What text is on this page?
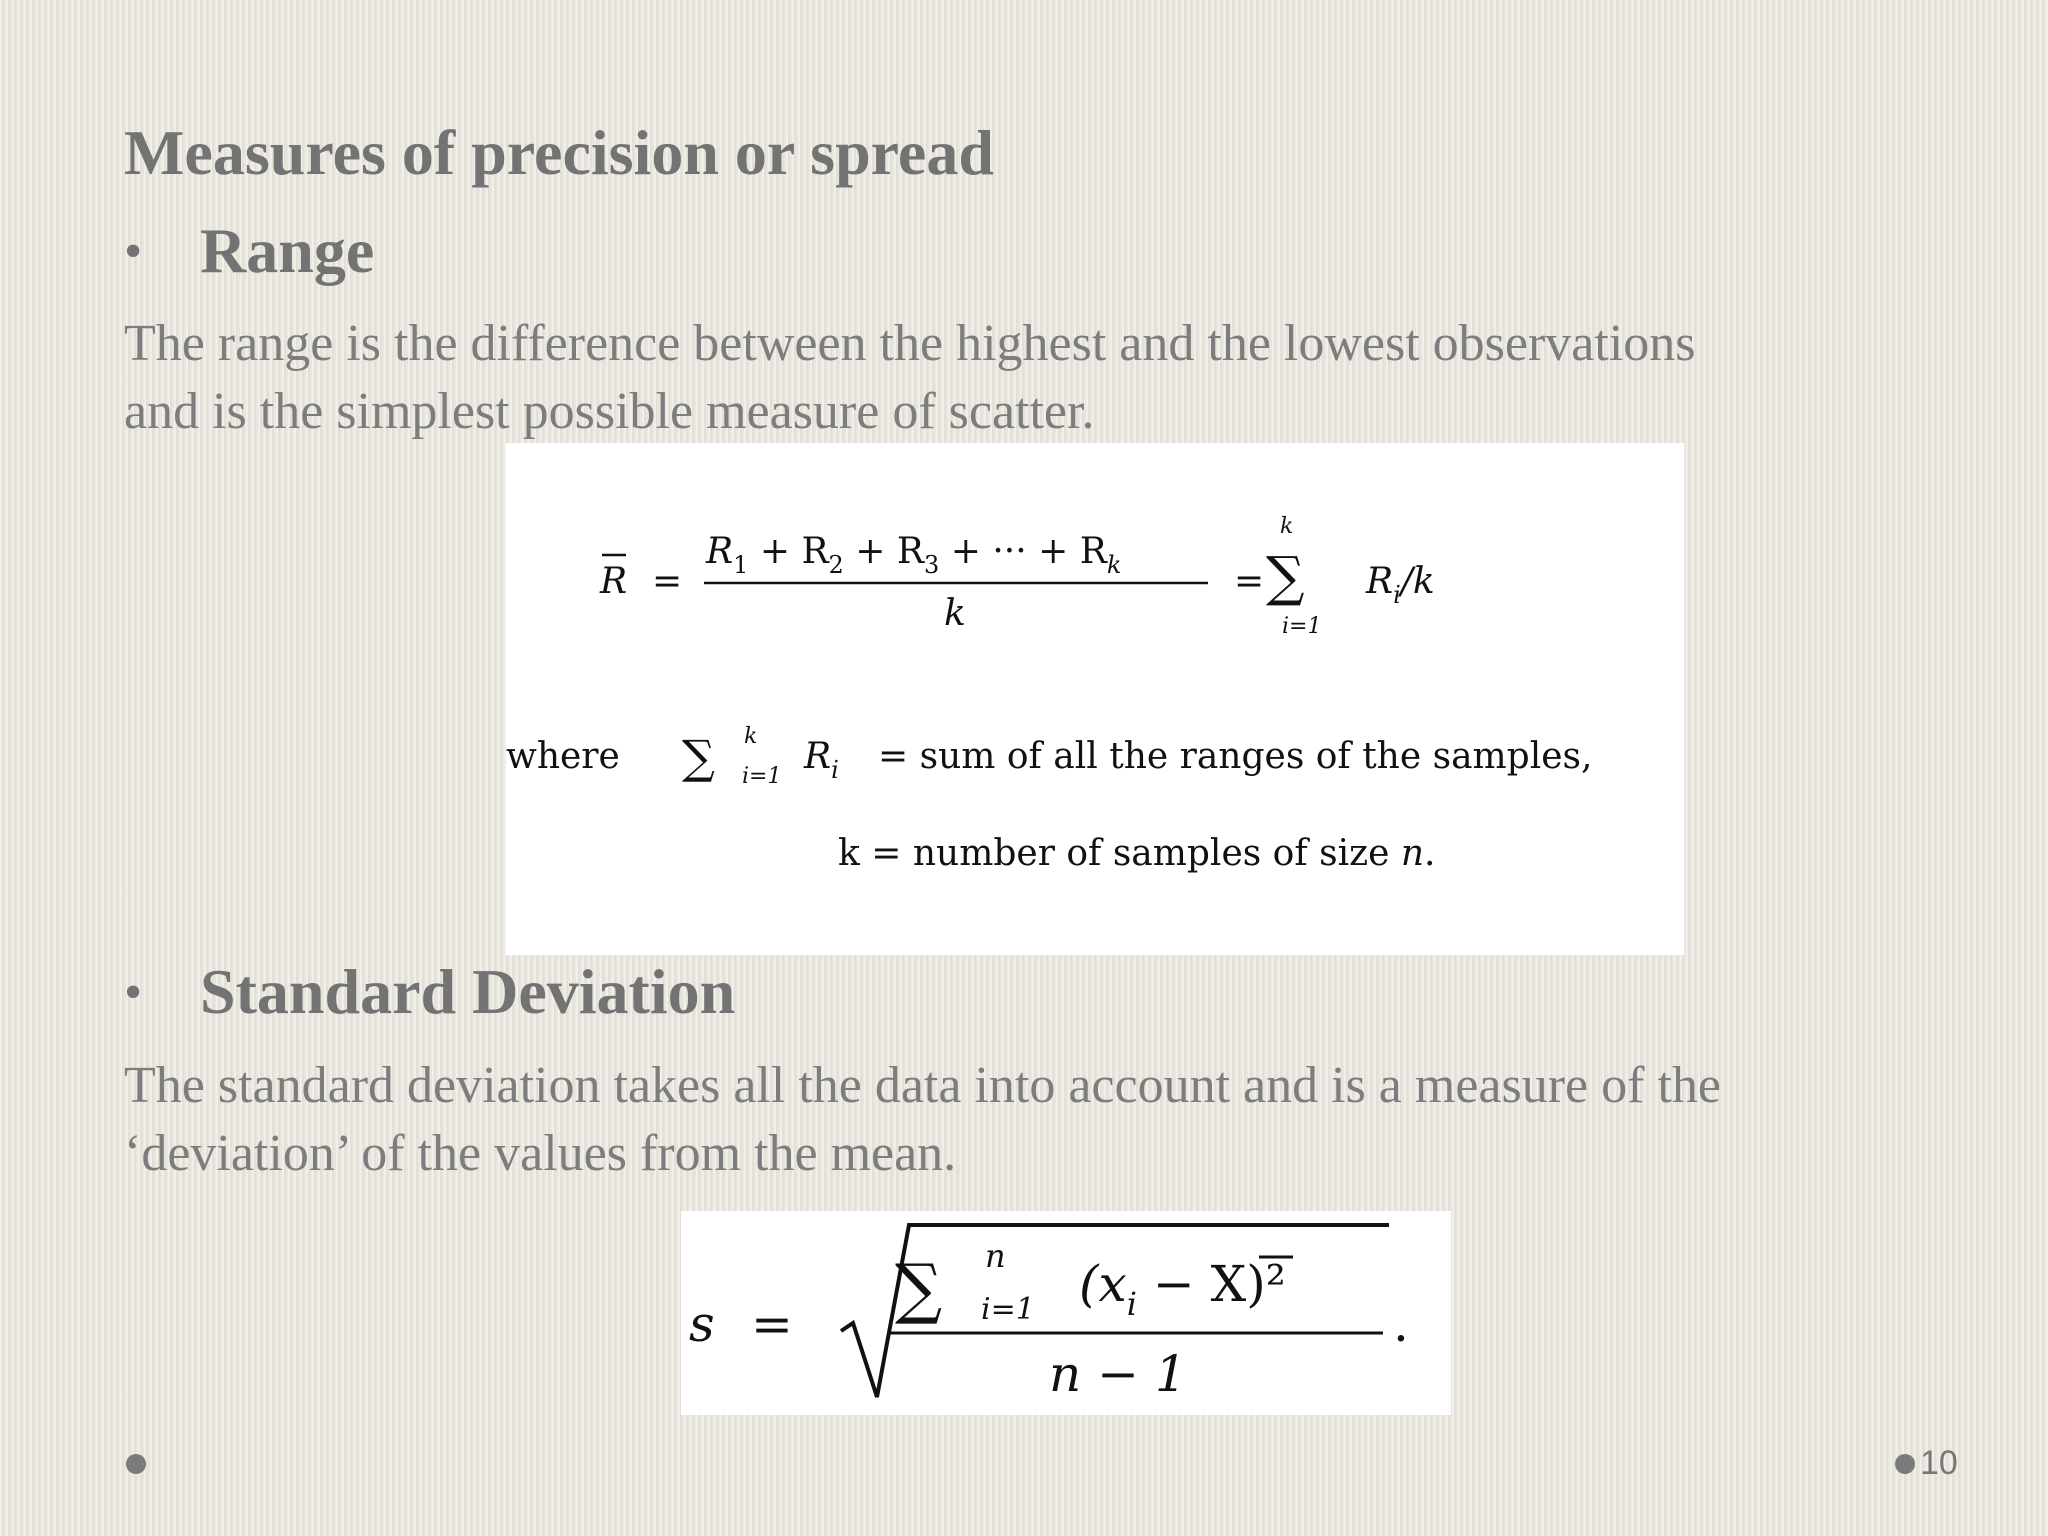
Measures of precision or spread
• Range
The range is the difference between the highest and the lowest observations
and is the simplest possible measure of scatter.
R =
$R_1 + R_2 + R_3$ + ··· + $R_k$
k
=
k
∑
i=1
$R_i/k$
where ∑ k
i=1 $R_i$ = sum of all the ranges of the samples,
k = number of samples of size n.
• Standard Deviation
The standard deviation takes all the data into account and is a measure of the
‘deviation’ of the values from the mean.
s = ∑ n
i=1 $(x_i - X)^2$
n − 1
.
10
